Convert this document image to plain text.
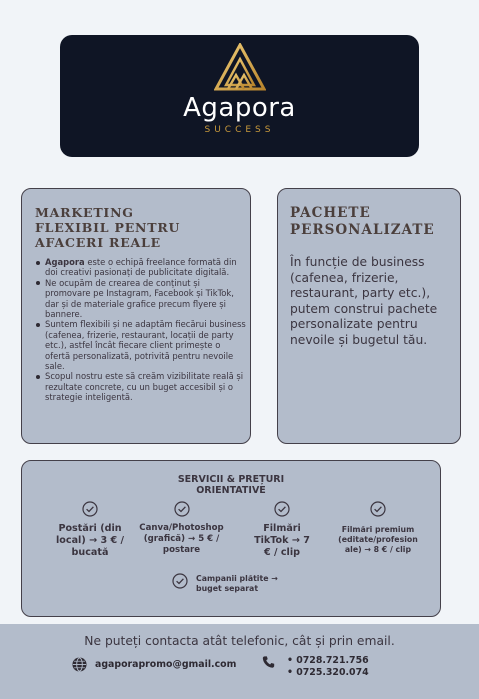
Agapora
SUCCESS
MARKETING
FLEXIBIL PENTRU
AFACERI REALE
Agapora este o echipă freelance formată din doi creativi pasionați de publicitate digitală.
Ne ocupăm de crearea de conținut și promovare pe Instagram, Facebook și TikTok, dar și de materiale grafice precum flyere și bannere.
Suntem flexibili și ne adaptăm fiecărui business (cafenea, frizerie, restaurant, locații de party etc.), astfel încât fiecare client primește o ofertă personalizată, potrivită pentru nevoile sale.
Scopul nostru este să creăm vizibilitate reală și rezultate concrete, cu un buget accesibil și o strategie inteligentă.
PACHETE
PERSONALIZATE
În funcție de business (cafenea, frizerie, restaurant, party etc.), putem construi pachete personalizate pentru nevoile și bugetul tău.
SERVICII & PREȚURI
ORIENTATIVE
Postări (din
local) → 3 € /
bucată
Canva/Photoshop
(grafică) → 5 € /
postare
Filmări
TikTok → 7
€ / clip
Filmări premium
(editate/profesion
ale) → 8 € / clip
Campanii plătite →
buget separat
Ne puteți contacta atât telefonic, cât și prin email.
agaporapromo@gmail.com	• 0728.721.756
• 0725.320.074
